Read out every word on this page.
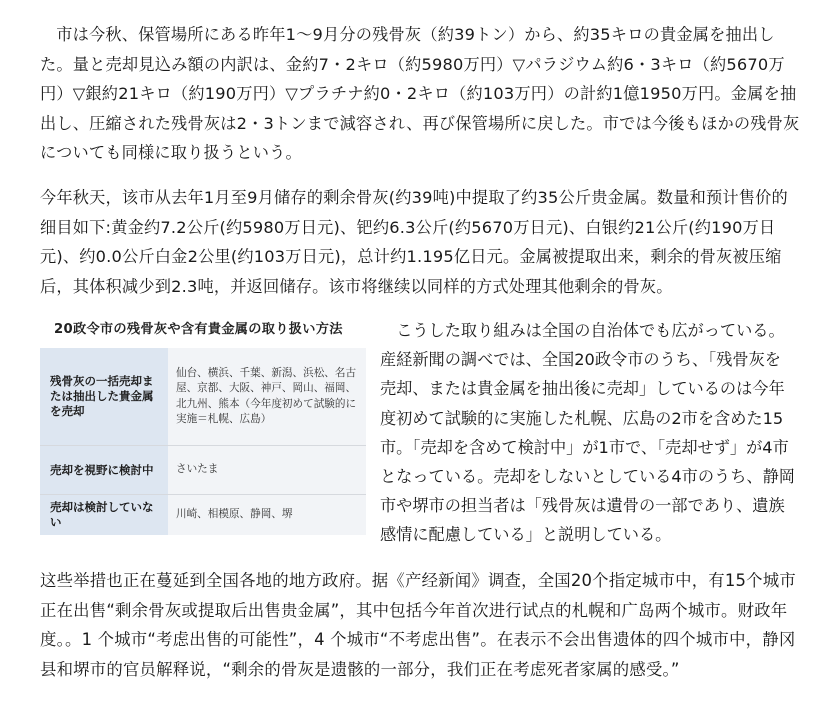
市は今秋、保管場所にある昨年1～9月分の残骨灰（約39トン）から、約35キロの貴金属を抽出した。量と売却見込み額の内訳は、金約7・2キロ（約5980万円）▽パラジウム約6・3キロ（約5670万円）▽銀約21キロ（約190万円）▽プラチナ約0・2キロ（約103万円）の計約1億1950万円。金属を抽出し、圧縮された残骨灰は2・3トンまで減容され、再び保管場所に戻した。市では今後もほかの残骨灰についても同様に取り扱うという。

今年秋天，该市从去年1月至9月储存的剩余骨灰(约39吨)中提取了约35公斤贵金属。数量和预计售价的细目如下:黄金约7.2公斤(约5980万日元)、钯约6.3公斤(约5670万日元)、白银约21公斤(约190万日元)、约0.0公斤白金2公里(约103万日元)，总计约1.195亿日元。金属被提取出来，剩余的骨灰被压缩后，其体积减少到2.3吨，并返回储存。该市将继续以同样的方式处理其他剩余的骨灰。

20政令市の残骨灰や含有貴金属の取り扱い方法
残骨灰の一括売却または抽出した貴金属を売却
仙台、横浜、千葉、新潟、浜松、名古屋、京都、大阪、神戸、岡山、福岡、北九州、熊本（今年度初めて試験的に実施＝札幌、広島）
売却を視野に検討中	さいたま
売却は検討していない
川崎、相模原、静岡、堺

こうした取り組みは全国の自治体でも広がっている。産経新聞の調べでは、全国20政令市のうち、「残骨灰を売却、または貴金属を抽出後に売却」しているのは今年度初めて試験的に実施した札幌、広島の2市を含めた15市。「売却を含めて検討中」が1市で、「売却せず」が4市となっている。売却をしないとしている4市のうち、静岡市や堺市の担当者は「残骨灰は遺骨の一部であり、遺族感情に配慮している」と説明している。

这些举措也正在蔓延到全国各地的地方政府。据《产经新闻》调查，全国20个指定城市中，有15个城市正在出售“剩余骨灰或提取后出售贵金属”，其中包括今年首次进行试点的札幌和广岛两个城市。财政年度。。1 个城市“考虑出售的可能性”，4 个城市“不考虑出售”。在表示不会出售遗体的四个城市中，静冈县和堺市的官员解释说，“剩余的骨灰是遗骸的一部分，我们正在考虑死者家属的感受。”
